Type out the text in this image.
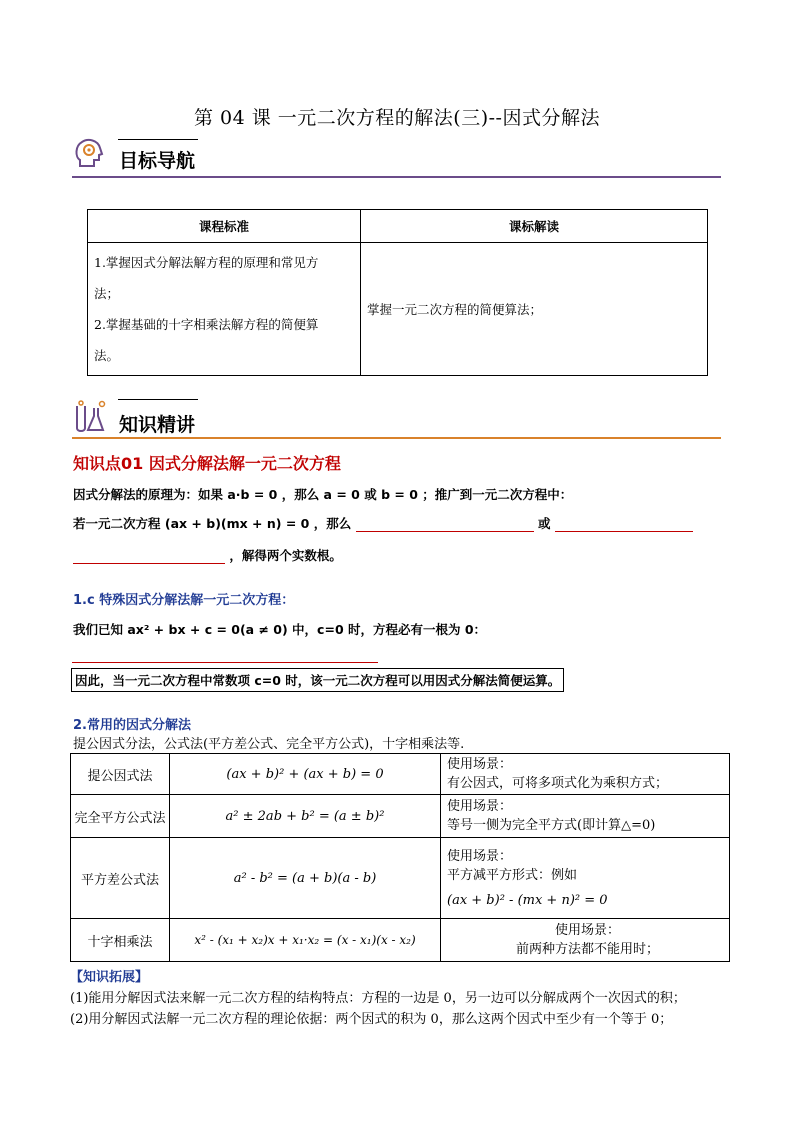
第 04 课 一元二次方程的解法(三)--因式分解法
目标导航
课程标准	课标解读

1.掌握因式分解法解方程的原理和常见方
法；
2.掌握基础的十字相乘法解方程的简便算
法。	掌握一元二次方程的简便算法；
知识精讲
知识点01 因式分解法解一元二次方程
因式分解法的原理为：如果 a·b = 0 ，那么 a = 0 或 b = 0 ；推广到一元二次方程中：
若一元二次方程 (ax + b)(mx + n) = 0 ，那么	或
，解得两个实数根。
1.c 特殊因式分解法解一元二次方程：
我们已知 ax² + bx + c = 0(a ≠ 0) 中，c=0 时，方程必有一根为 0：
因此，当一元二次方程中常数项 c=0 时，该一元二次方程可以用因式分解法简便运算。
2.常用的因式分解法
提公因式分法，公式法(平方差公式、完全平方公式)，十字相乘法等.
提公因式法	(ax + b)² + (ax + b) = 0	使用场景：
有公因式，可将多项式化为乘积方式；

完全平方公式法	a² ± 2ab + b² = (a ± b)²	使用场景：
等号一侧为完全平方式(即计算△=0)

平方差公式法	a² - b² = (a + b)(a - b)	使用场景：
平方减平方形式：例如
(ax + b)² - (mx + n)² = 0

十字相乘法	x² - (x₁ + x₂)x + x₁·x₂ = (x - x₁)(x - x₂)	使用场景：
前两种方法都不能用时；
【知识拓展】
(1)能用分解因式法来解一元二次方程的结构特点：方程的一边是 0，另一边可以分解成两个一次因式的积；
(2)用分解因式法解一元二次方程的理论依据：两个因式的积为 0，那么这两个因式中至少有一个等于 0；
